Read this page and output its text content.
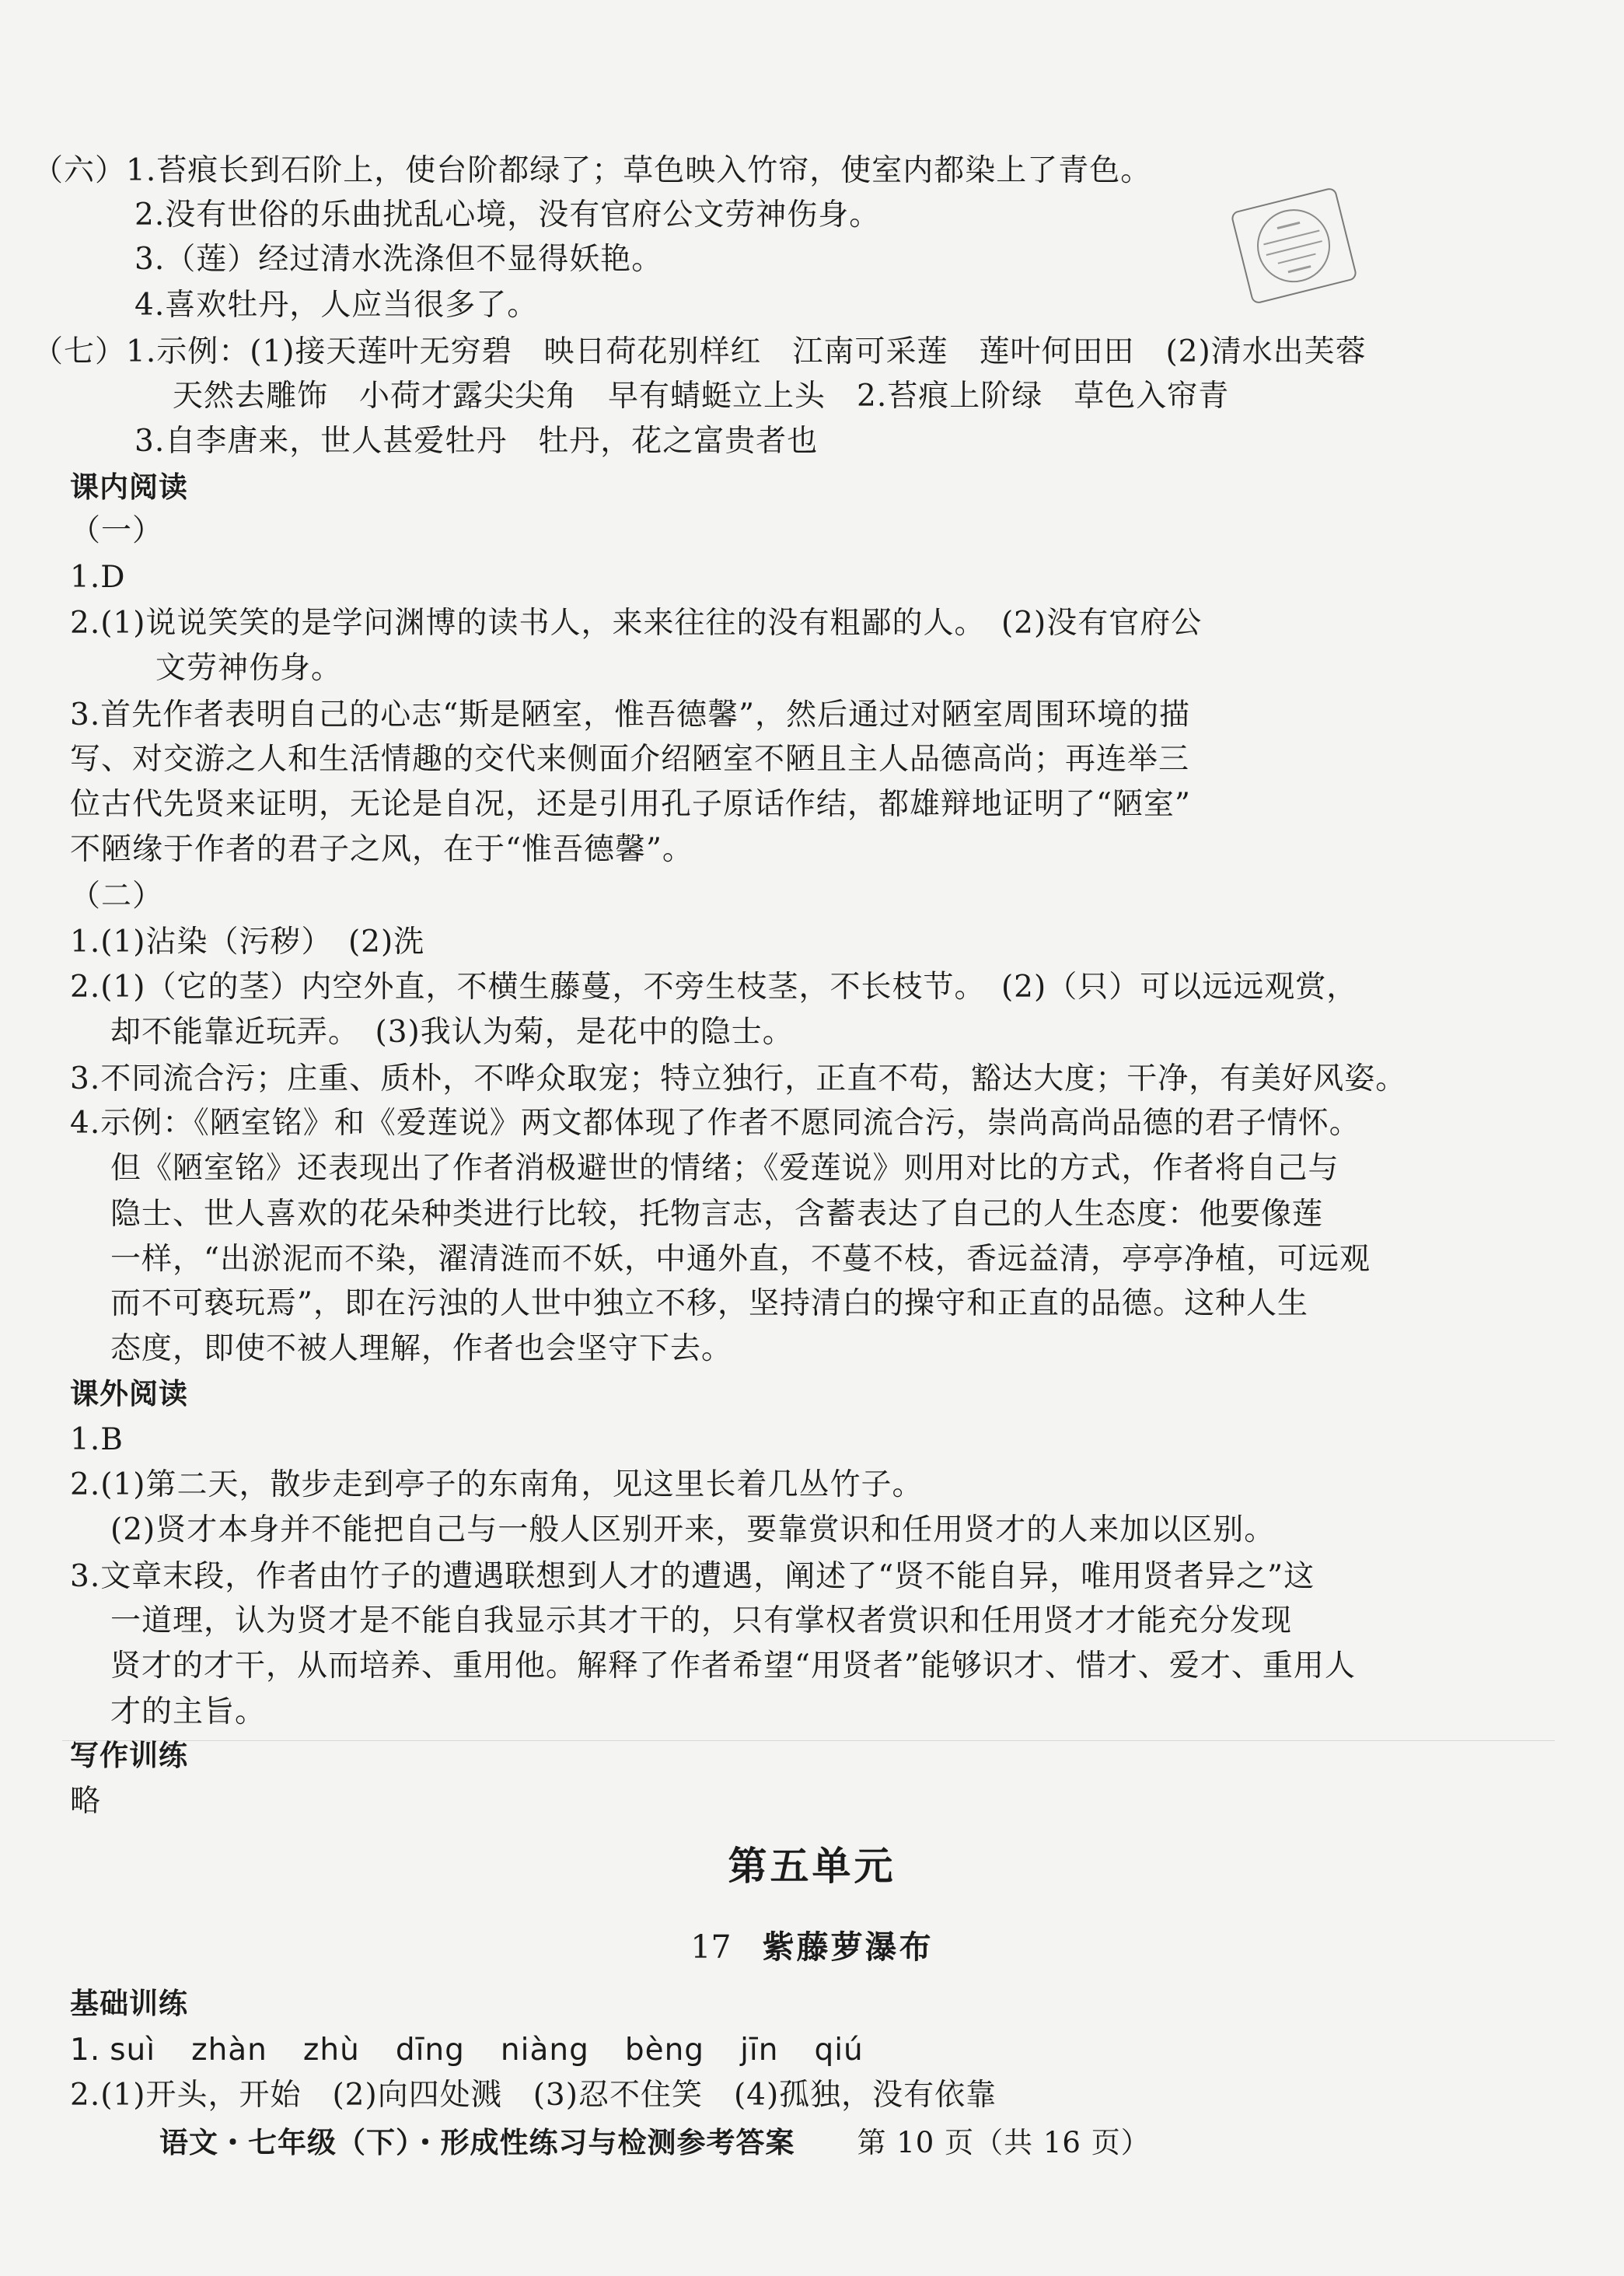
（六）1.苔痕长到石阶上，使台阶都绿了；草色映入竹帘，使室内都染上了青色。
2.没有世俗的乐曲扰乱心境，没有官府公文劳神伤身。
3.（莲）经过清水洗涤但不显得妖艳。
4.喜欢牡丹，人应当很多了。
（七）1.示例：(1)接天莲叶无穷碧　映日荷花别样红　江南可采莲　莲叶何田田　(2)清水出芙蓉
天然去雕饰　小荷才露尖尖角　早有蜻蜓立上头　2.苔痕上阶绿　草色入帘青
3.自李唐来，世人甚爱牡丹　牡丹，花之富贵者也
课内阅读
（一）
1.D
2.(1)说说笑笑的是学问渊博的读书人，来来往往的没有粗鄙的人。　(2)没有官府公
文劳神伤身。
3.首先作者表明自己的心志“斯是陋室，惟吾德馨”，然后通过对陋室周围环境的描
写、对交游之人和生活情趣的交代来侧面介绍陋室不陋且主人品德高尚；再连举三
位古代先贤来证明，无论是自况，还是引用孔子原话作结，都雄辩地证明了“陋室”
不陋缘于作者的君子之风，在于“惟吾德馨”。
（二）
1.(1)沾染（污秽）　(2)洗
2.(1)（它的茎）内空外直，不横生藤蔓，不旁生枝茎，不长枝节。　(2)（只）可以远远观赏，
却不能靠近玩弄。　(3)我认为菊，是花中的隐士。
3.不同流合污；庄重、质朴，不哗众取宠；特立独行，正直不苟，豁达大度；干净，有美好风姿。
4.示例：《陋室铭》和《爱莲说》两文都体现了作者不愿同流合污，崇尚高尚品德的君子情怀。
但《陋室铭》还表现出了作者消极避世的情绪；《爱莲说》则用对比的方式，作者将自己与
隐士、世人喜欢的花朵种类进行比较，托物言志，含蓄表达了自己的人生态度：他要像莲
一样，“出淤泥而不染，濯清涟而不妖，中通外直，不蔓不枝，香远益清，亭亭净植，可远观
而不可亵玩焉”，即在污浊的人世中独立不移，坚持清白的操守和正直的品德。这种人生
态度，即使不被人理解，作者也会坚守下去。
课外阅读
1.B
2.(1)第二天，散步走到亭子的东南角，见这里长着几丛竹子。
(2)贤才本身并不能把自己与一般人区别开来，要靠赏识和任用贤才的人来加以区别。
3.文章末段，作者由竹子的遭遇联想到人才的遭遇，阐述了“贤不能自异，唯用贤者异之”这
一道理，认为贤才是不能自我显示其才干的，只有掌权者赏识和任用贤才才能充分发现
贤才的才干，从而培养、重用他。解释了作者希望“用贤者”能够识才、惜才、爱才、重用人
才的主旨。
写作训练
略
第五单元
17 紫藤萝瀑布
基础训练
1. suì zhàn zhù dīng niàng bèng jīn qiú
2.(1)开头，开始　(2)向四处溅　(3)忍不住笑　(4)孤独，没有依靠
语文・七年级（下）・形成性练习与检测参考答案 第 10 页（共 16 页）
